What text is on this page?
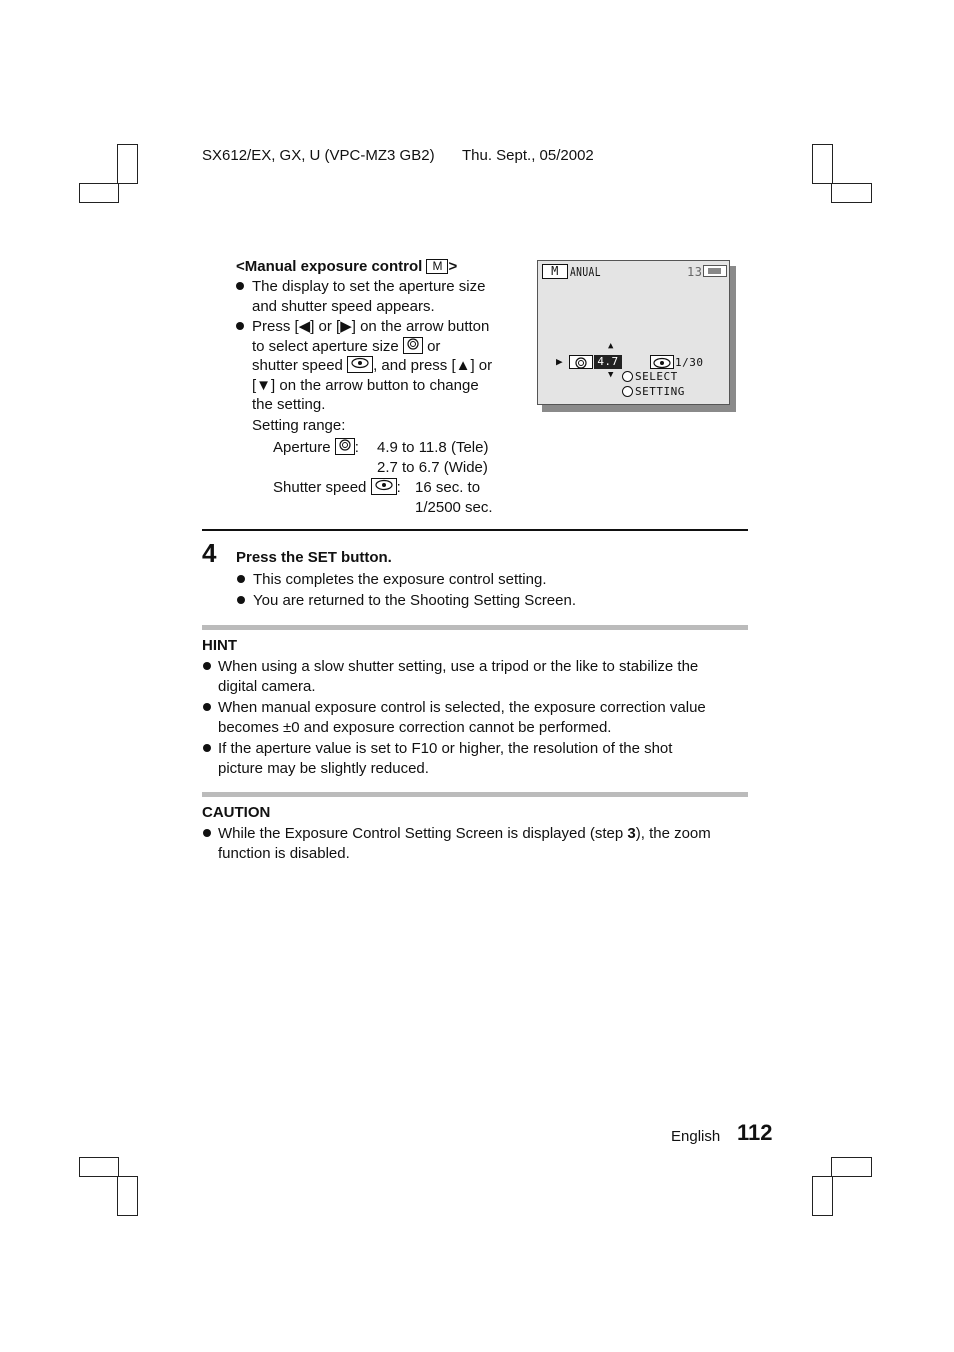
SX612/EX, GX, U (VPC-MZ3 GB2) Thu. Sept., 05/2002
<Manual exposure control M >
The display to set the aperture size
and shutter speed appears.
Press [◀] or [▶] on the arrow button
to select aperture size or
shutter speed , and press [▲] or
[▼] on the arrow button to change
the setting.
Setting range:
Aperture : 4.9 to 11.8 (Tele)
2.7 to 6.7 (Wide)
Shutter speed : 16 sec. to
1/2500 sec.
M ANUAL	13
▲
▶	4.7
▼
1/30
SELECT
SETTING
4 Press the SET button.
This completes the exposure control setting.
You are returned to the Shooting Setting Screen.
HINT
When using a slow shutter setting, use a tripod or the like to stabilize the
digital camera.
When manual exposure control is selected, the exposure correction value
becomes ±0 and exposure correction cannot be performed.
If the aperture value is set to F10 or higher, the resolution of the shot
picture may be slightly reduced.
CAUTION
While the Exposure Control Setting Screen is displayed (step 3), the zoom
function is disabled.
English 112
